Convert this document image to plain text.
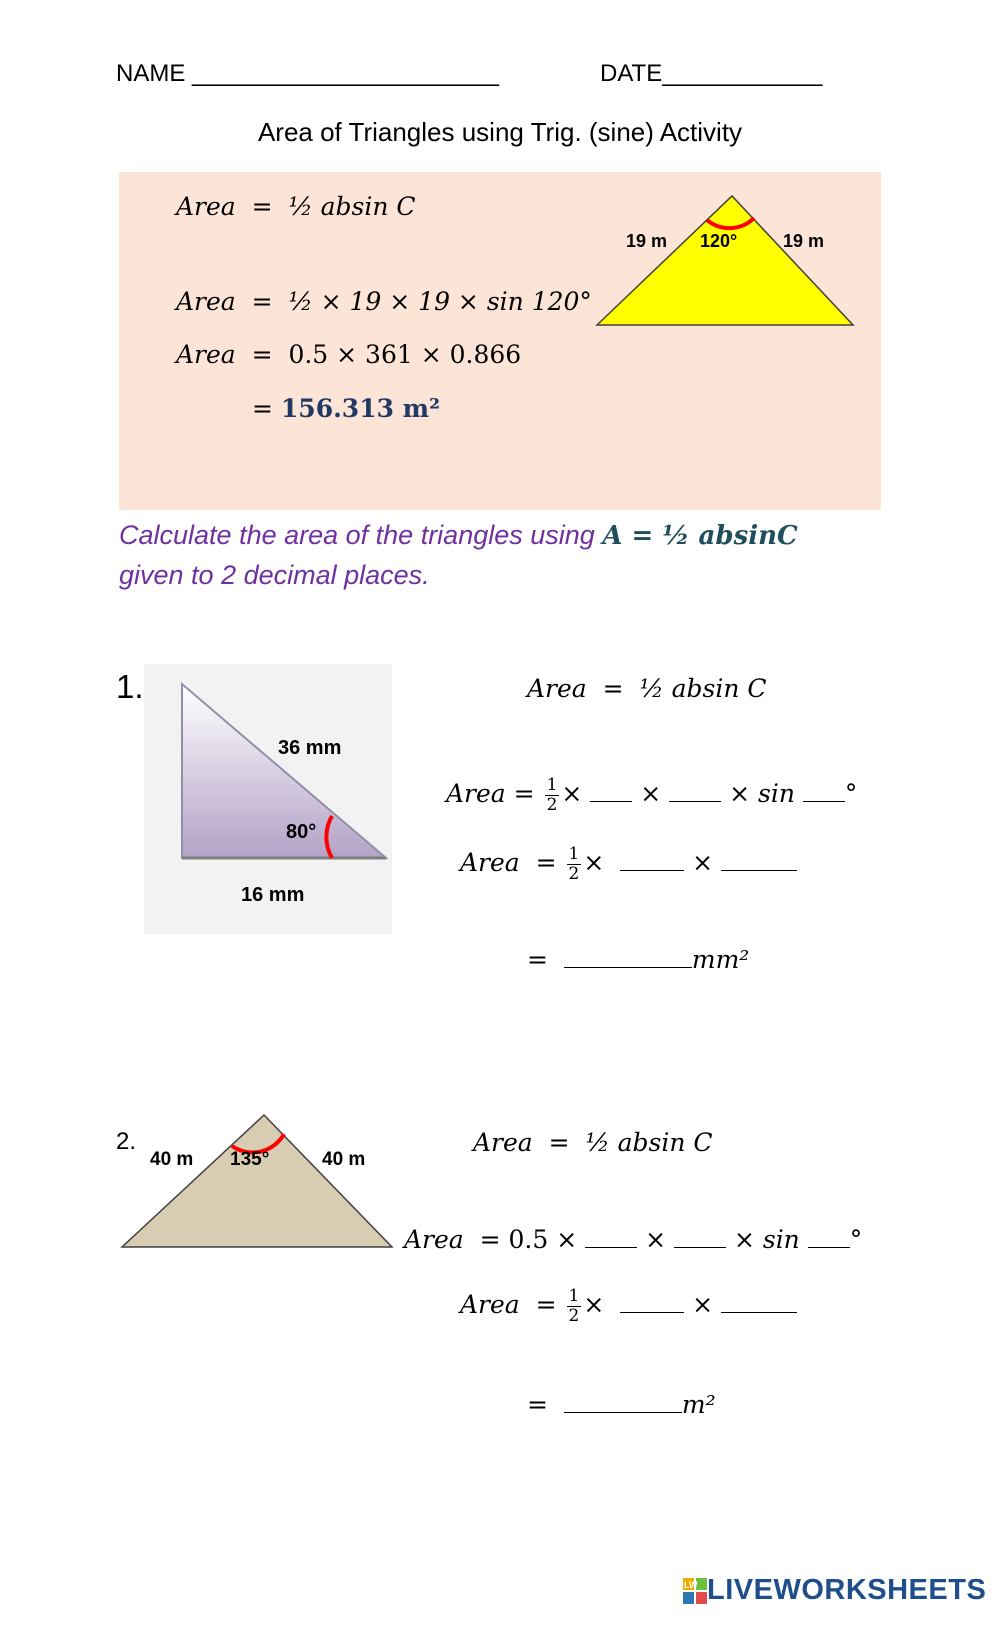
NAME _______________________	DATE____________
Area of Triangles using Trig. (sine) Activity
Area  =  ½ absin C
Area  =  ½ × 19 × 19 × sin 120°
Area  =  0.5 × 361 × 0.866
= 156.313 m²
19 m 120°	19 m
Calculate the area of the triangles using A = ½ absinC
given to 2 decimal places.
1.
36 mm
80°
16 mm
Area  =  ½ absin C
Area = $\frac{1}{2}$ × ×	× sin °
Area  = $\frac{1}{2}$ ×	×
=	mm²
2.
40 m 135°	40 m
Area  =  ½ absin C
Area  = 0.5 ×	×	× sin °
Area  = $\frac{1}{2}$ ×	×
=	m²
LW LIVEWORKSHEETS
